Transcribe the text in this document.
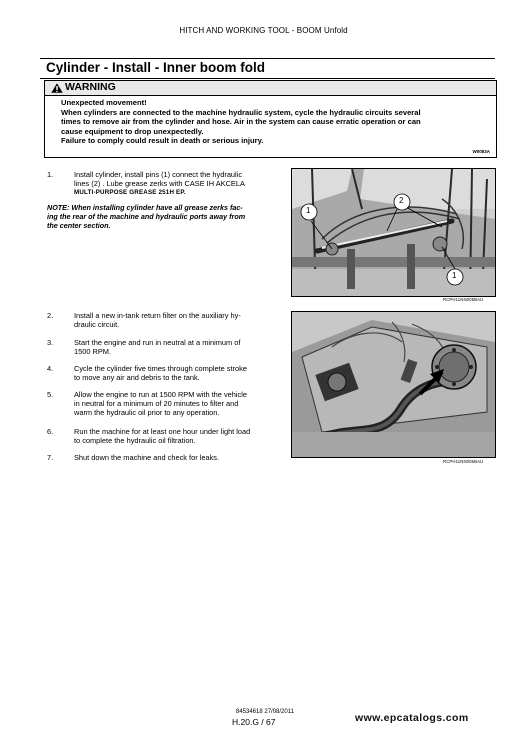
HITCH AND WORKING TOOL - BOOM Unfold
Cylinder - Install - Inner boom fold
WARNING
Unexpected movement!
When cylinders are connected to the machine hydraulic system, cycle the hydraulic circuits several
times to remove air from the cylinder and hose. Air in the system can cause erratic operation or can
cause equipment to drop unexpectedly.
Failure to comply could result in death or serious injury.
W0083A
1.	Install cylinder, install pins (1) connect the hydraulic
lines (2) . Lube grease zerks with CASE IH AKCELA
MULTI-PURPOSE GREASE 251H EP.
NOTE: When installing cylinder have all grease zerks fac-
ing the rear of the machine and hydraulic ports away from
the center section.
1
2
1
RCPH11NN005BAU
RCPH11NN006BAU
2.	Install a new in-tank return filter on the auxiliary hy-
draulic circuit.
3.	Start the engine and run in neutral at a minimum of
1500 RPM.
4.	Cycle the cylinder five times through complete stroke
to move any air and debris to the tank.
5.	Allow the engine to run at 1500 RPM with the vehicle
in neutral for a minimum of 20 minutes to filter and
warm the hydraulic oil prior to any operation.
6.	Run the machine for at least one hour under light load
to complete the hydraulic oil filtration.
7.	Shut down the machine and check for leaks.
84534618 27/08/2011
H.20.G / 67	www.epcatalogs.com
